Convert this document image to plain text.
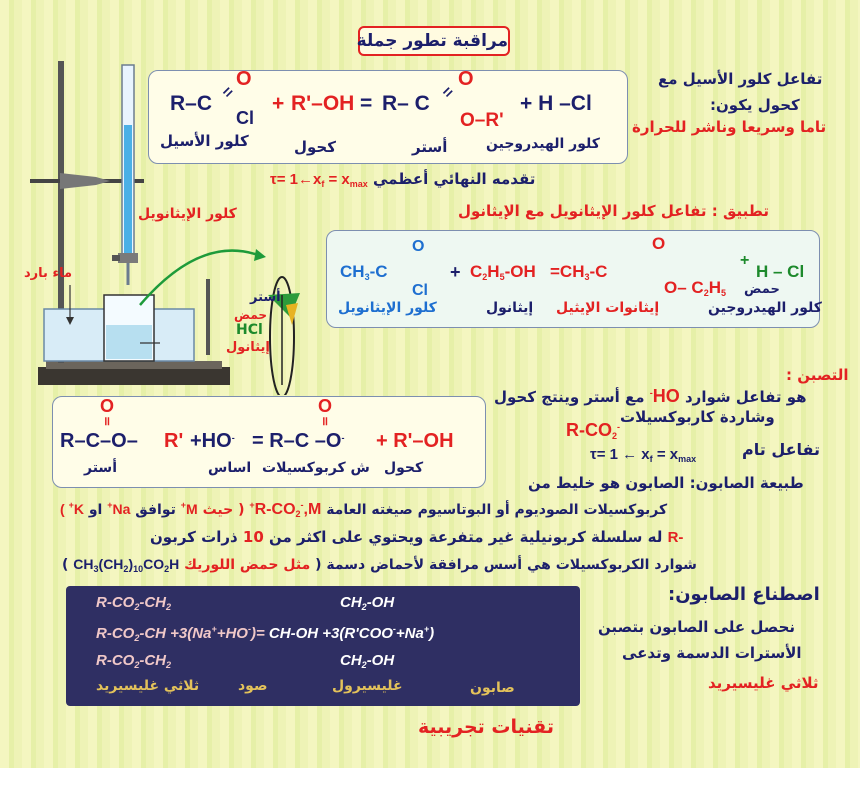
مراقبة تطور جملة
R–C
O
=
Cl
+ R'–OH = R– C
O
=
O–R'
+ H –Cl
كلور الهيدروجين
أستر
كحول
كلور الأسيل
تفاعل كلور الأسيل مع
كحول يكون:
تاما وسريعا وناشر للحرارة
$\tau= 1\leftarrow x_f = x_{max}$ تقدمه النهائي أعظمي
تطبيق : تفاعل كلور الإيثانويل مع الإيثانول
$CH_3-C$
O
Cl
+ $C_2H_5-OH =CH_3-C$
O
O– $C_2H_5$
+
H – Cl
حمض
كلور الهيدروجين
إيثانوات الإيثيل
إيثانول
كلور الإيثانويل
كلور الإيثانويل
ماء بارد
أستر
حمض
HCl
إيثانول
التصبن :
هو تفاعل شوارد HO- مع أستر وينتج كحول
وشاردة كاربوكسيلات
$R-CO_2^-$
تفاعل تام
τ= 1 ← $x_f = x_{max}$
O
॥
R–C–O– R' +HO- = R–C –O-
O
॥
+ R'–OH
كحول
ش كربوكسيلات
اساس
أستر
طبيعة الصابون: الصابون هو خليط من
كربوكسيلات الصوديوم أو البوتاسيوم صيغته العامة $R-CO_2^-,M^+$ ( حيث M+ توافق Na+ او K+ )
-R له سلسلة كربونيلية غير متفرعة ويحتوي على اكثر من 10 ذرات كربون
شوارد الكربوكسيلات هي أسس مرافقة لأحماض دسمة ( مثل حمض اللوريك $CH_3(CH_2)_{10}CO_2H$ )
$R-CO_2-CH_2$	$CH_2-OH$
$R-CO_2-CH +3(Na^++HO^-)= CH-OH +3(R'COO^-+Na^+)$
$R-CO_2-CH_2$	$CH_2-OH$
ثلاثي غليسيريد	صود	غليسيرول	صابون
اصطناع الصابون:
نحصل على الصابون بتصبن
الأسترات الدسمة وتدعى
ثلاثي غليسيريد
تقنيات تجريبية
